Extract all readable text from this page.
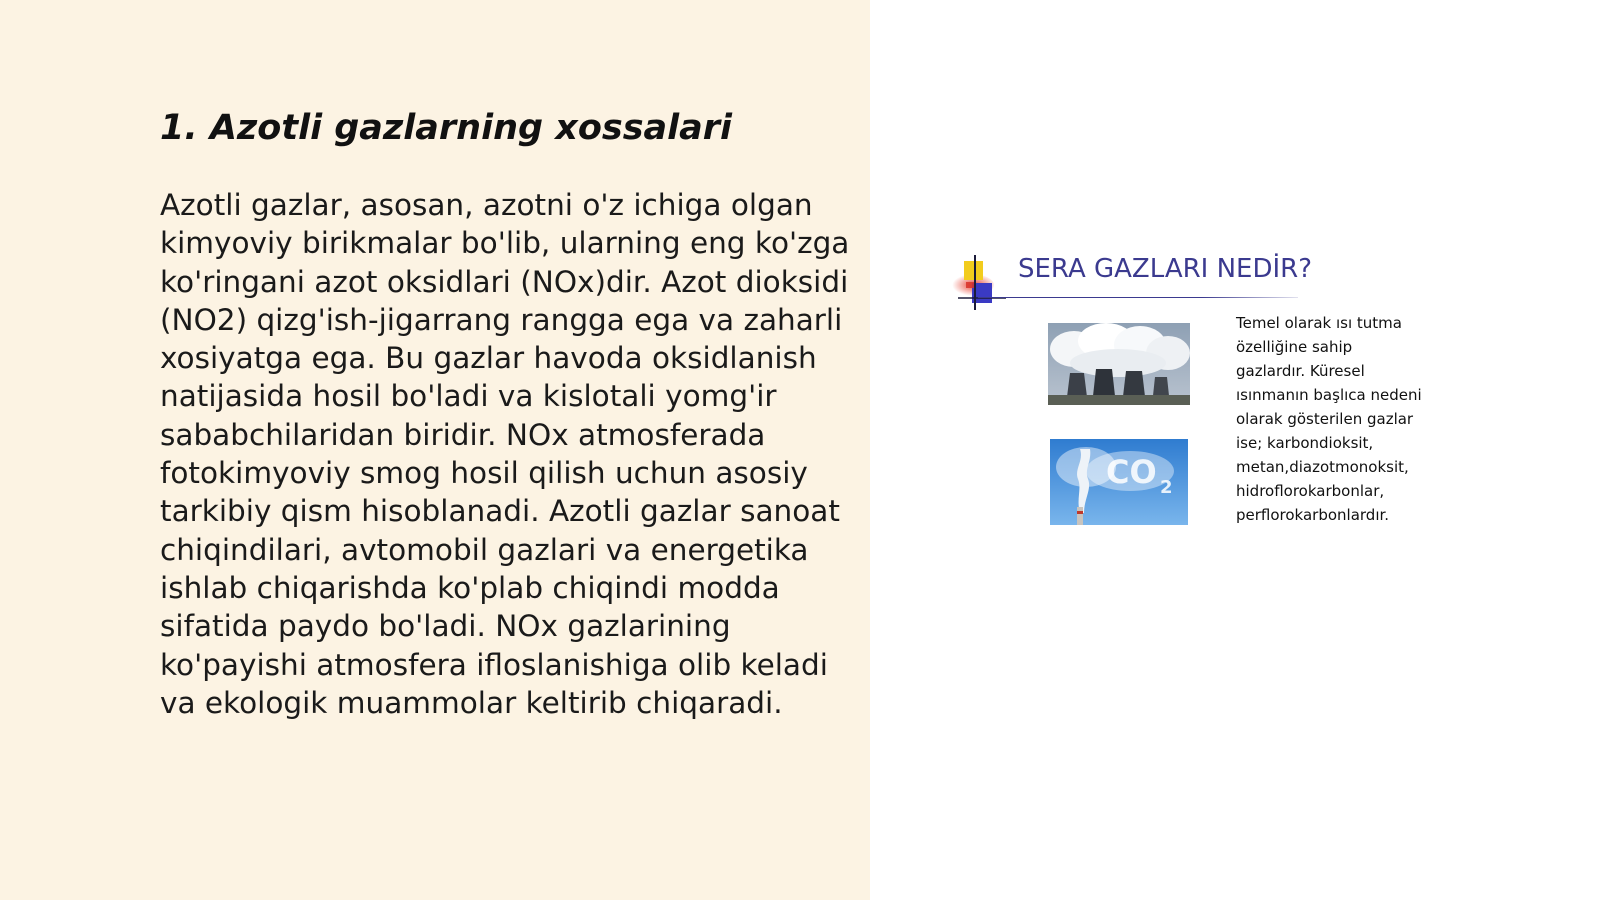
1. Azotli gazlarning xossalari

Azotli gazlar, asosan, azotni o'z ichiga olgan kimyoviy birikmalar bo'lib, ularning eng ko'zga ko'ringani azot oksidlari (NOx)dir. Azot dioksidi (NO2) qizg'ish-jigarrang rangga ega va zaharli xosiyatga ega. Bu gazlar havoda oksidlanish natijasida hosil bo'ladi va kislotali yomg'ir sababchilaridan biridir. NOx atmosferada fotokimyoviy smog hosil qilish uchun asosiy tarkibiy qism hisoblanadi. Azotli gazlar sanoat chiqindilari, avtomobil gazlari va energetika ishlab chiqarishda ko'plab chiqindi modda sifatida paydo bo'ladi. NOx gazlarining ko'payishi atmosfera ifloslanishiga olib keladi va ekologik muammolar keltirib chiqaradi.

SERA GAZLARI NEDİR?
CO 2

Temel olarak ısı tutma özelliğine sahip gazlardır. Küresel ısınmanın başlıca nedeni olarak gösterilen gazlar ise; karbondioksit, metan,diazotmonoksit, hidroflorokarbonlar, perflorokarbonlardır.
